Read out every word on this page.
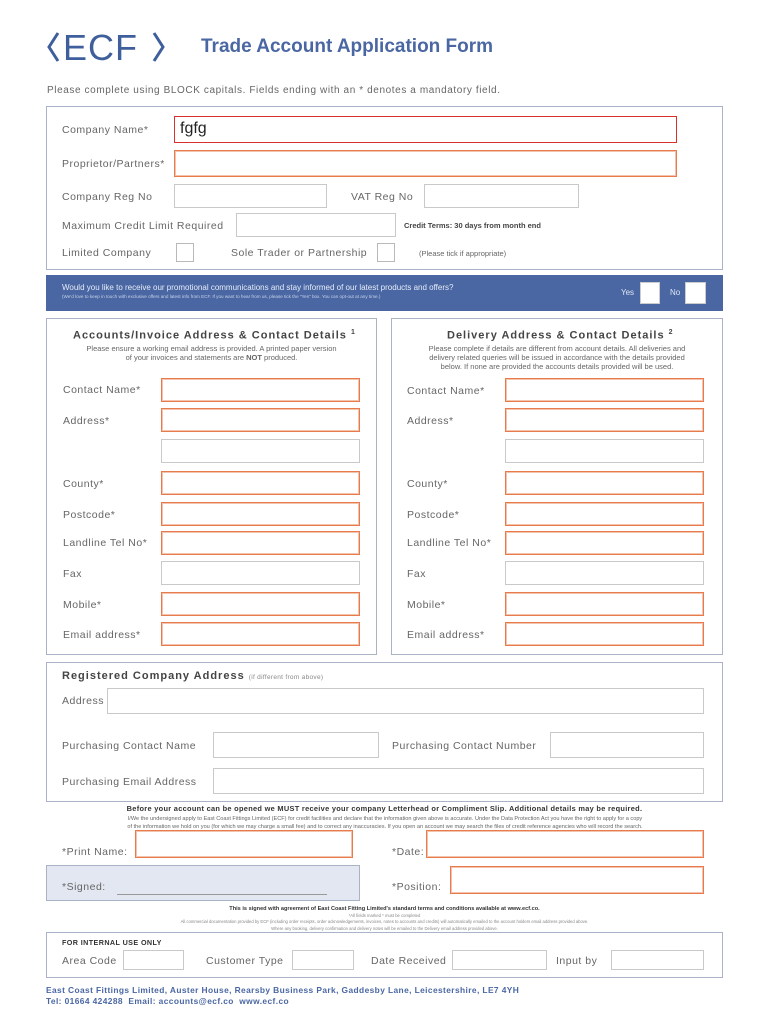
ECF	Trade Account Application Form
Please complete using BLOCK capitals. Fields ending with an * denotes a mandatory field.
Company Name* fgfg
Proprietor/Partners*
Company Reg No	VAT Reg No
Maximum Credit Limit Required	Credit Terms: 30 days from month end
Limited Company	Sole Trader or Partnership	(Please tick if appropriate)
Would you like to receive our promotional communications and stay informed of our latest products and offers?
(We'd love to keep in touch with exclusive offers and latest info from ECF. If you want to hear from us, please tick the "Yes" box. You can opt-out at any time.)	Yes	No
Accounts/Invoice Address & Contact Details $^1$
Please ensure a working email address is provided. A printed paper version
of your invoices and statements are NOT produced.
Contact Name*
Address*
County*
Postcode*
Landline Tel No*
Fax
Mobile*
Email address*
Delivery Address & Contact Details $^2$
Please complete if details are different from account details. All deliveries and
delivery related queries will be issued in accordance with the details provided
below. If none are provided the accounts details provided will be used.
Contact Name*
Address*
County*
Postcode*
Landline Tel No*
Fax
Mobile*
Email address*
Registered Company Address (if different from above)
Address
Purchasing Contact Name	Purchasing Contact Number
Purchasing Email Address
Before your account can be opened we MUST receive your company Letterhead or Compliment Slip. Additional details may be required.
I/We the undersigned apply to East Coast Fittings Limited (ECF) for credit facilities and declare that the information given above is accurate. Under the Data Protection Act you have the right to apply for a copy
of the information we hold on you (for which we may charge a small fee) and to correct any inaccuracies. If you open an account we may search the files of credit reference agencies who will record the search.
*Print Name:	*Date:
*Signed:	*Position:
This is signed with agreement of East Coast Fitting Limited's standard terms and conditions available at www.ecf.co.
*All fields marked * must be completed
All commercial documentation provided by ECF (including order receipts, order acknowledgements, invoices, notes to accounts and credits) will automatically emailed to the account holders email address provided above.
Where any booking, delivery confirmation and delivery notes will be emailed to the Delivery email address provided above.
FOR INTERNAL USE ONLY
Area Code	Customer Type	Date Received	Input by
East Coast Fittings Limited, Auster House, Rearsby Business Park, Gaddesby Lane, Leicestershire, LE7 4YH
Tel: 01664 424288  Email: accounts@ecf.co  www.ecf.co
